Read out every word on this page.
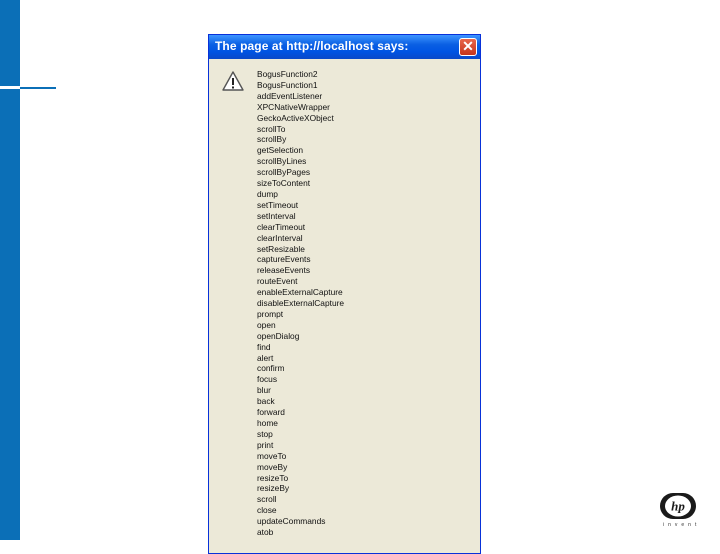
The page at http://localhost says:	✕
BogusFunction2
BogusFunction1
addEventListener
XPCNativeWrapper
GeckoActiveXObject
scrollTo
scrollBy
getSelection
scrollByLines
scrollByPages
sizeToContent
dump
setTimeout
setInterval
clearTimeout
clearInterval
setResizable
captureEvents
releaseEvents
routeEvent
enableExternalCapture
disableExternalCapture
prompt
open
openDialog
find
alert
confirm
focus
blur
back
forward
home
stop
print
moveTo
moveBy
resizeTo
resizeBy
scroll
close
updateCommands
atob
hp
invent
